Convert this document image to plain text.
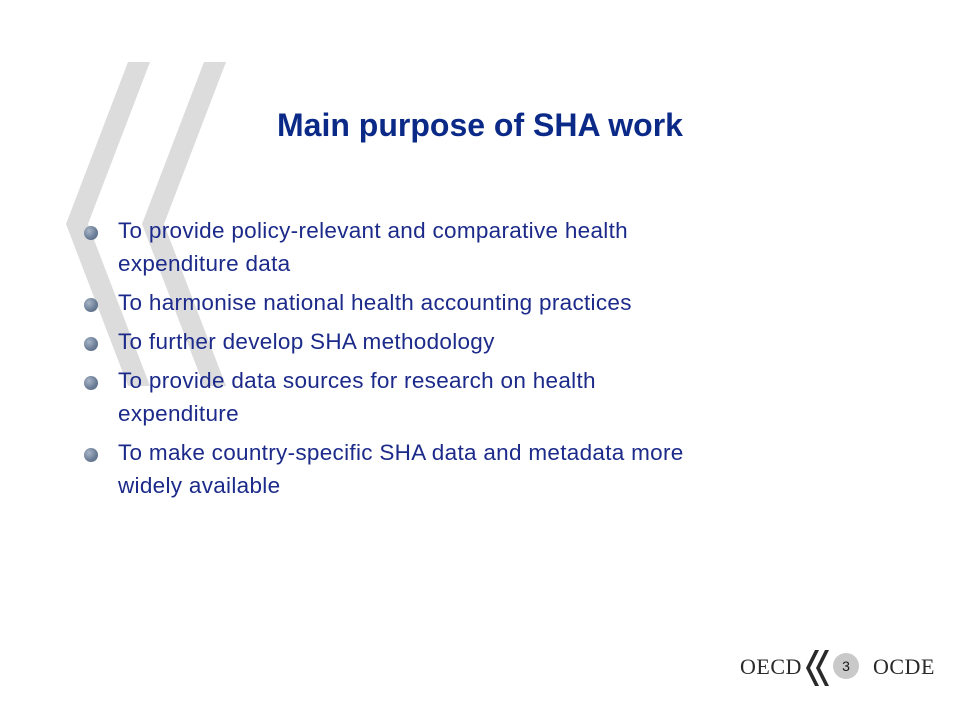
Main purpose of SHA work
To provide policy-relevant and comparative health
expenditure data
To harmonise national health accounting practices
To further develop SHA methodology
To provide data sources for research on health
expenditure
To make country-specific SHA data and metadata more
widely available
OECD	3	OCDE
